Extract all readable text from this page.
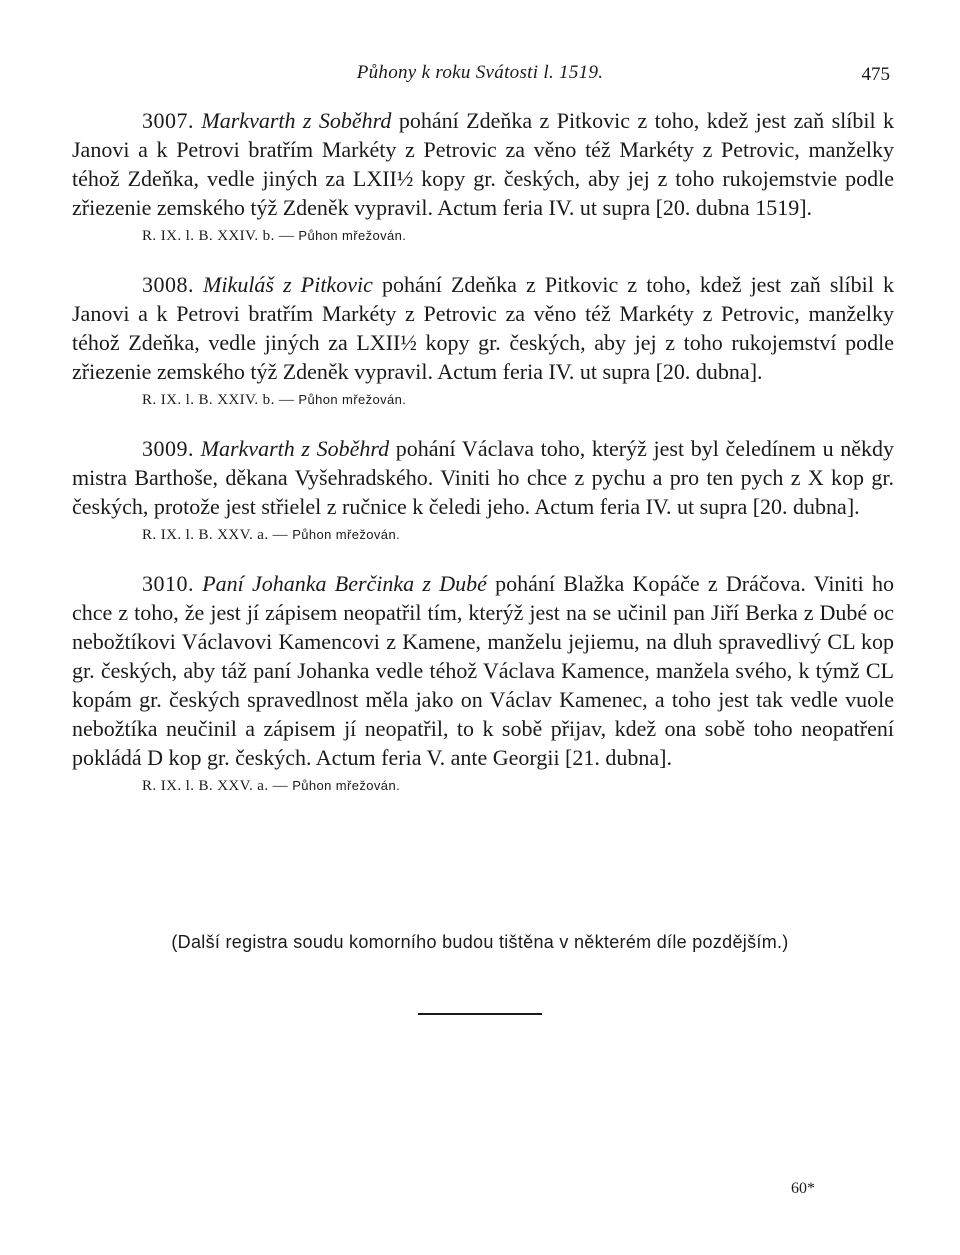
Půhony k roku Svátosti l. 1519.	475

3007. Markvarth z Soběhrd pohání Zdeňka z Pitkovic z toho, kdež jest zaň slíbil k Janovi a k Petrovi bratřím Markéty z Petrovic za věno též Markéty z Petrovic, manželky téhož Zdeňka, vedle jiných za LXII½ kopy gr. českých, aby jej z toho rukojemstvie podle zřiezenie zemského týž Zdeněk vypravil. Actum feria IV. ut supra [20. dubna 1519].

R. IX. l. B. XXIV. b. — Půhon mřežován.

3008. Mikuláš z Pitkovic pohání Zdeňka z Pitkovic z toho, kdež jest zaň slíbil k Janovi a k Petrovi bratřím Markéty z Petrovic za věno též Markéty z Petrovic, manželky téhož Zdeňka, vedle jiných za LXII½ kopy gr. českých, aby jej z toho rukojemství podle zřiezenie zemského týž Zdeněk vypravil. Actum feria IV. ut supra [20. dubna].

R. IX. l. B. XXIV. b. — Půhon mřežován.

3009. Markvarth z Soběhrd pohání Václava toho, kterýž jest byl čeledínem u někdy mistra Barthoše, děkana Vyšehradského. Viniti ho chce z pychu a pro ten pych z X kop gr. českých, protože jest střielel z ručnice k čeledi jeho. Actum feria IV. ut supra [20. dubna].

R. IX. l. B. XXV. a. — Půhon mřežován.

3010. Paní Johanka Berčinka z Dubé pohání Blažka Kopáče z Dráčova. Viniti ho chce z toho, že jest jí zápisem neopatřil tím, kterýž jest na se učinil pan Jiří Berka z Dubé oc nebožtíkovi Václavovi Kamencovi z Kamene, manželu jejiemu, na dluh spravedlivý CL kop gr. českých, aby táž paní Johanka vedle téhož Václava Kamence, manžela svého, k týmž CL kopám gr. českých spravedlnost měla jako on Václav Kamenec, a toho jest tak vedle vuole nebožtíka neučinil a zápisem jí neopatřil, to k sobě přijav, kdež ona sobě toho neopatření pokládá D kop gr. českých. Actum feria V. ante Georgii [21. dubna].

R. IX. l. B. XXV. a. — Půhon mřežován.
(Další registra soudu komorního budou tištěna v některém díle pozdějším.)
60*
